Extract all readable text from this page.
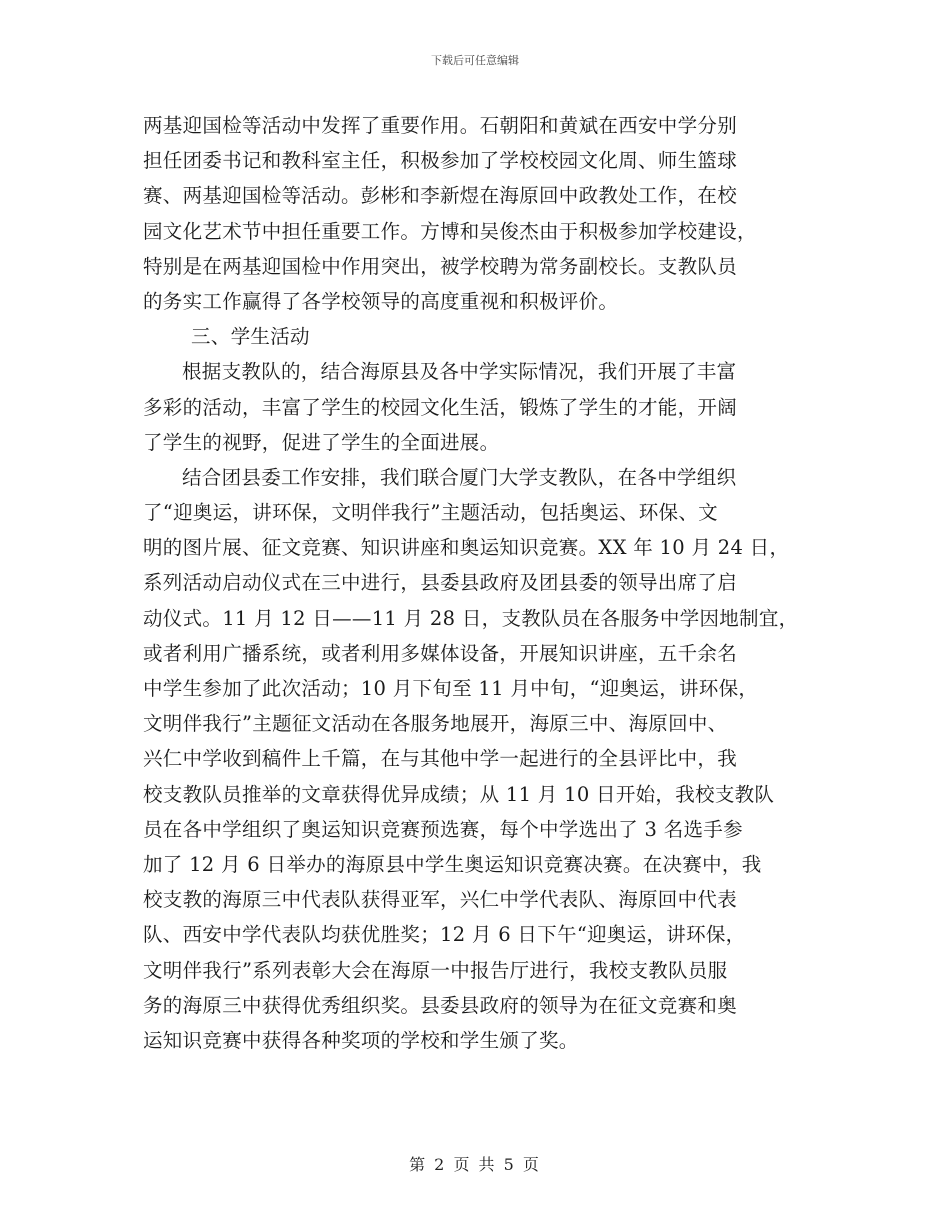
下载后可任意编辑
两基迎国检等活动中发挥了重要作用。石朝阳和黄斌在西安中学分别
担任团委书记和教科室主任，积极参加了学校校园文化周、师生篮球
赛、两基迎国检等活动。彭彬和李新煜在海原回中政教处工作，在校
园文化艺术节中担任重要工作。方博和吴俊杰由于积极参加学校建设，
特别是在两基迎国检中作用突出，被学校聘为常务副校长。支教队员
的务实工作赢得了各学校领导的高度重视和积极评价。
三、学生活动
根据支教队的，结合海原县及各中学实际情况，我们开展了丰富
多彩的活动，丰富了学生的校园文化生活，锻炼了学生的才能，开阔
了学生的视野，促进了学生的全面进展。
结合团县委工作安排，我们联合厦门大学支教队，在各中学组织
了“迎奥运，讲环保，文明伴我行”主题活动，包括奥运、环保、文
明的图片展、征文竞赛、知识讲座和奥运知识竞赛。XX 年 10 月 24 日，
系列活动启动仪式在三中进行，县委县政府及团县委的领导出席了启
动仪式。11 月 12 日——11 月 28 日，支教队员在各服务中学因地制宜，
或者利用广播系统，或者利用多媒体设备，开展知识讲座，五千余名
中学生参加了此次活动；10 月下旬至 11 月中旬，“迎奥运，讲环保，
文明伴我行”主题征文活动在各服务地展开，海原三中、海原回中、
兴仁中学收到稿件上千篇，在与其他中学一起进行的全县评比中，我
校支教队员推举的文章获得优异成绩；从 11 月 10 日开始，我校支教队
员在各中学组织了奥运知识竞赛预选赛，每个中学选出了 3 名选手参
加了 12 月 6 日举办的海原县中学生奥运知识竞赛决赛。在决赛中，我
校支教的海原三中代表队获得亚军，兴仁中学代表队、海原回中代表
队、西安中学代表队均获优胜奖；12 月 6 日下午“迎奥运，讲环保，
文明伴我行”系列表彰大会在海原一中报告厅进行，我校支教队员服
务的海原三中获得优秀组织奖。县委县政府的领导为在征文竞赛和奥
运知识竞赛中获得各种奖项的学校和学生颁了奖。
第 2 页 共 5 页
